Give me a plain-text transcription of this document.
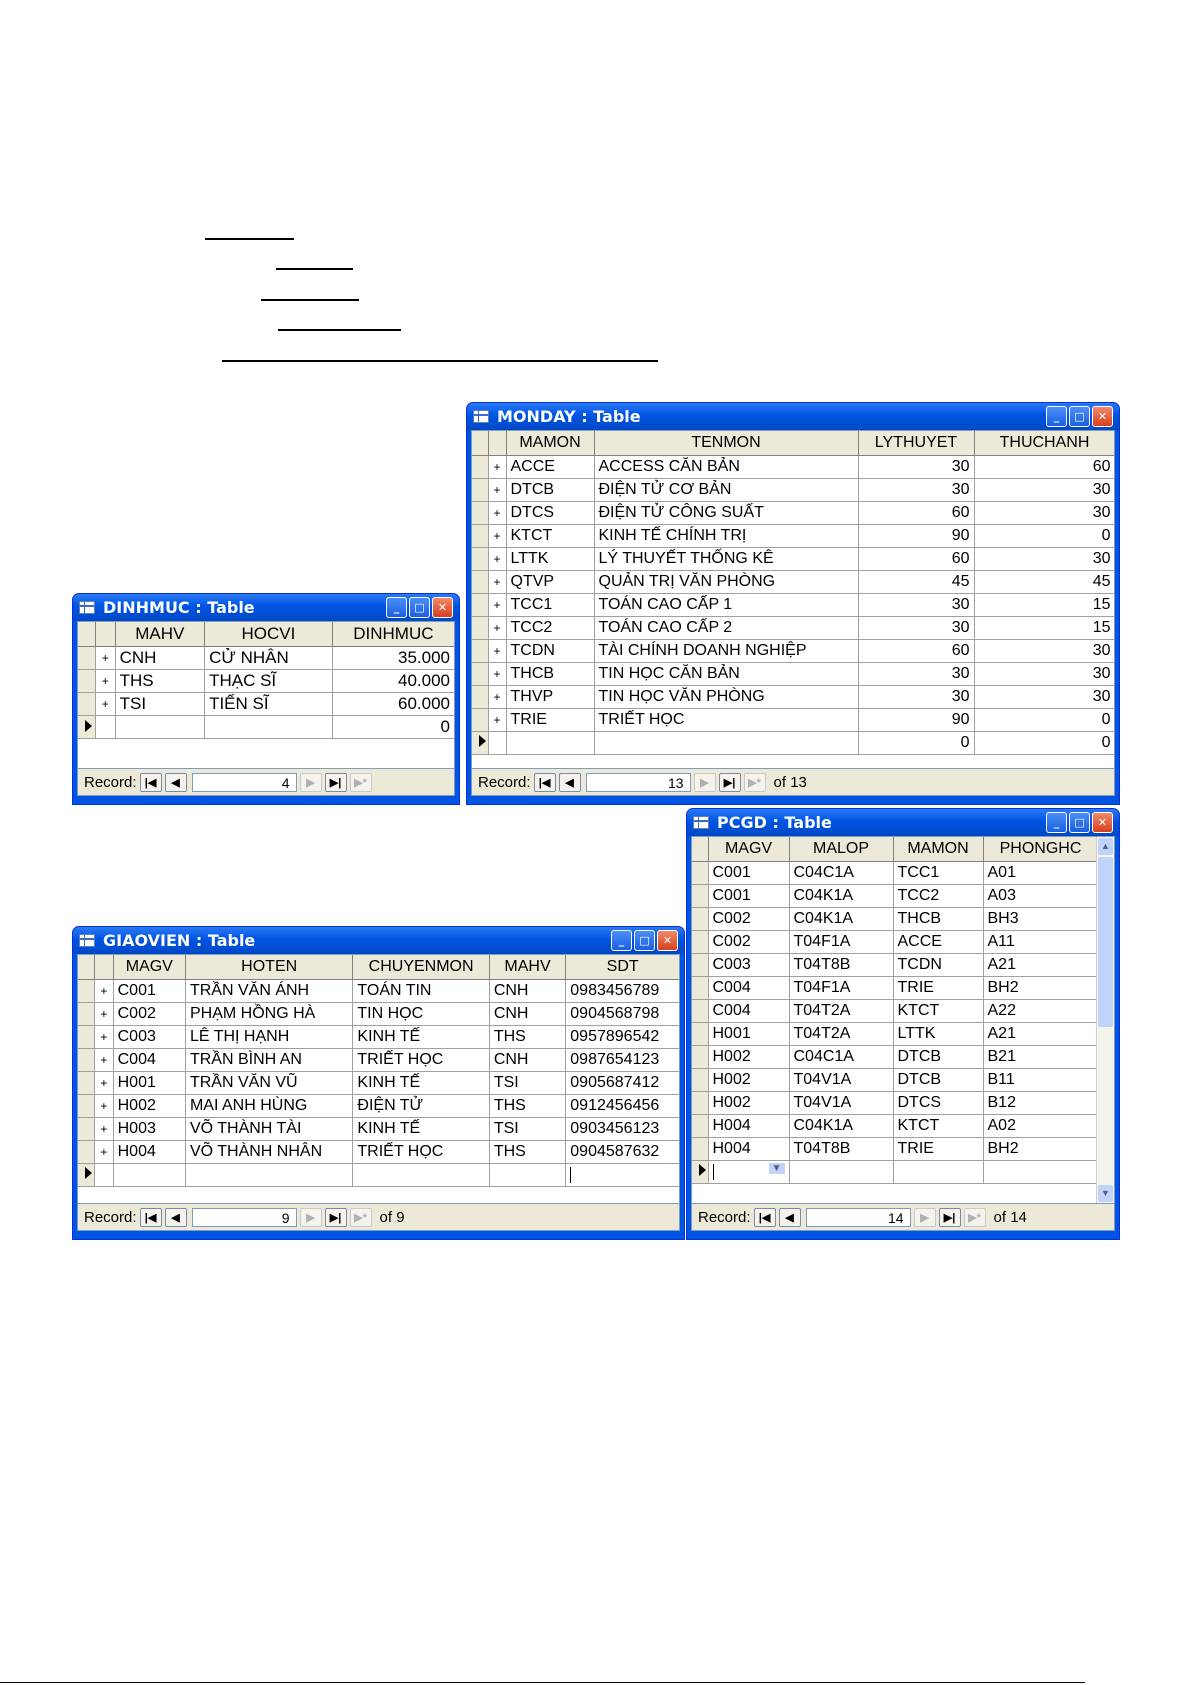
DINHMUC : Table	_	□	✕
		MAHV	HOCVI	DINHMUC
	+	CNH	CỬ NHÂN	35.000
	+	THS	THẠC SĨ	40.000
	+	TSI	TIẾN SĨ	60.000
				0
Record: |◀	◀	4	▶	▶|	▶*
MONDAY : Table	_	□	✕
		MAMON	TENMON	LYTHUYET	THUCHANH
	+	ACCE	ACCESS CĂN BẢN	30	60
	+	DTCB	ĐIỆN TỬ CƠ BẢN	30	30
	+	DTCS	ĐIỆN TỬ CÔNG SUẤT	60	30
	+	KTCT	KINH TẾ CHÍNH TRỊ	90	0
	+	LTTK	LÝ THUYẾT THỐNG KÊ	60	30
	+	QTVP	QUẢN TRỊ VĂN PHÒNG	45	45
	+	TCC1	TOÁN CAO CẤP 1	30	15
	+	TCC2	TOÁN CAO CẤP 2	30	15
	+	TCDN	TÀI CHÍNH DOANH NGHIỆP	60	30
	+	THCB	TIN HỌC CĂN BẢN	30	30
	+	THVP	TIN HỌC VĂN PHÒNG	30	30
	+	TRIE	TRIẾT HỌC	90	0
				0	0
Record: |◀	◀	13	▶	▶|	▶* of 13
PCGD : Table	_	□	✕
	MAGV	MALOP	MAMON	PHONGHC
	C001	C04C1A	TCC1	A01
	C001	C04K1A	TCC2	A03
	C002	C04K1A	THCB	BH3
	C002	T04F1A	ACCE	A11
	C003	T04T8B	TCDN	A21
	C004	T04F1A	TRIE	BH2
	C004	T04T2A	KTCT	A22
	H001	T04T2A	LTTK	A21
	H002	C04C1A	DTCB	B21
	H002	T04V1A	DTCB	B11
	H002	T04V1A	DTCS	B12
	H004	C04K1A	KTCT	A02
	H004	T04T8B	TRIE	BH2

	▼			

▲
▼
Record: |◀	◀	14	▶	▶|	▶* of 14
GIAOVIEN : Table	_	□	✕
		MAGV	HOTEN	CHUYENMON	MAHV	SDT
	+	C001	TRẦN VĂN ÁNH	TOÁN TIN	CNH	0983456789
	+	C002	PHẠM HỒNG HÀ	TIN HỌC	CNH	0904568798
	+	C003	LÊ THỊ HẠNH	KINH TẾ	THS	0957896542
	+	C004	TRẦN BÌNH AN	TRIẾT HỌC	CNH	0987654123
	+	H001	TRẦN VĂN VŨ	KINH TẾ	TSI	0905687412
	+	H002	MAI ANH HÙNG	ĐIỆN TỬ	THS	0912456456
	+	H003	VÕ THÀNH TÀI	KINH TẾ	TSI	0903456123
	+	H004	VÕ THÀNH NHÂN	TRIẾT HỌC	THS	0904587632

Record: |◀	◀	9	▶	▶|	▶* of 9
